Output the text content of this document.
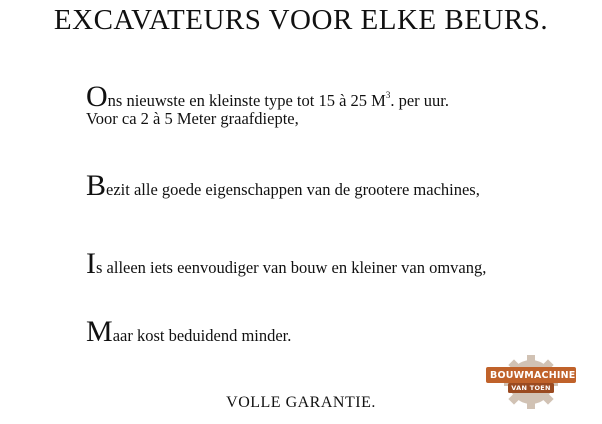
EXCAVATEURS VOOR ELKE BEURS.
Ons nieuwste en kleinste type tot 15 à 25 $M^3$. per uur.
Voor ca 2 à 5 Meter graafdiepte,
Bezit alle goede eigenschappen van de grootere machines,
Is alleen iets eenvoudiger van bouw en kleiner van omvang,
Maar kost beduidend minder.
VOLLE GARANTIE.
BOUWMACHINES
VAN TOEN
